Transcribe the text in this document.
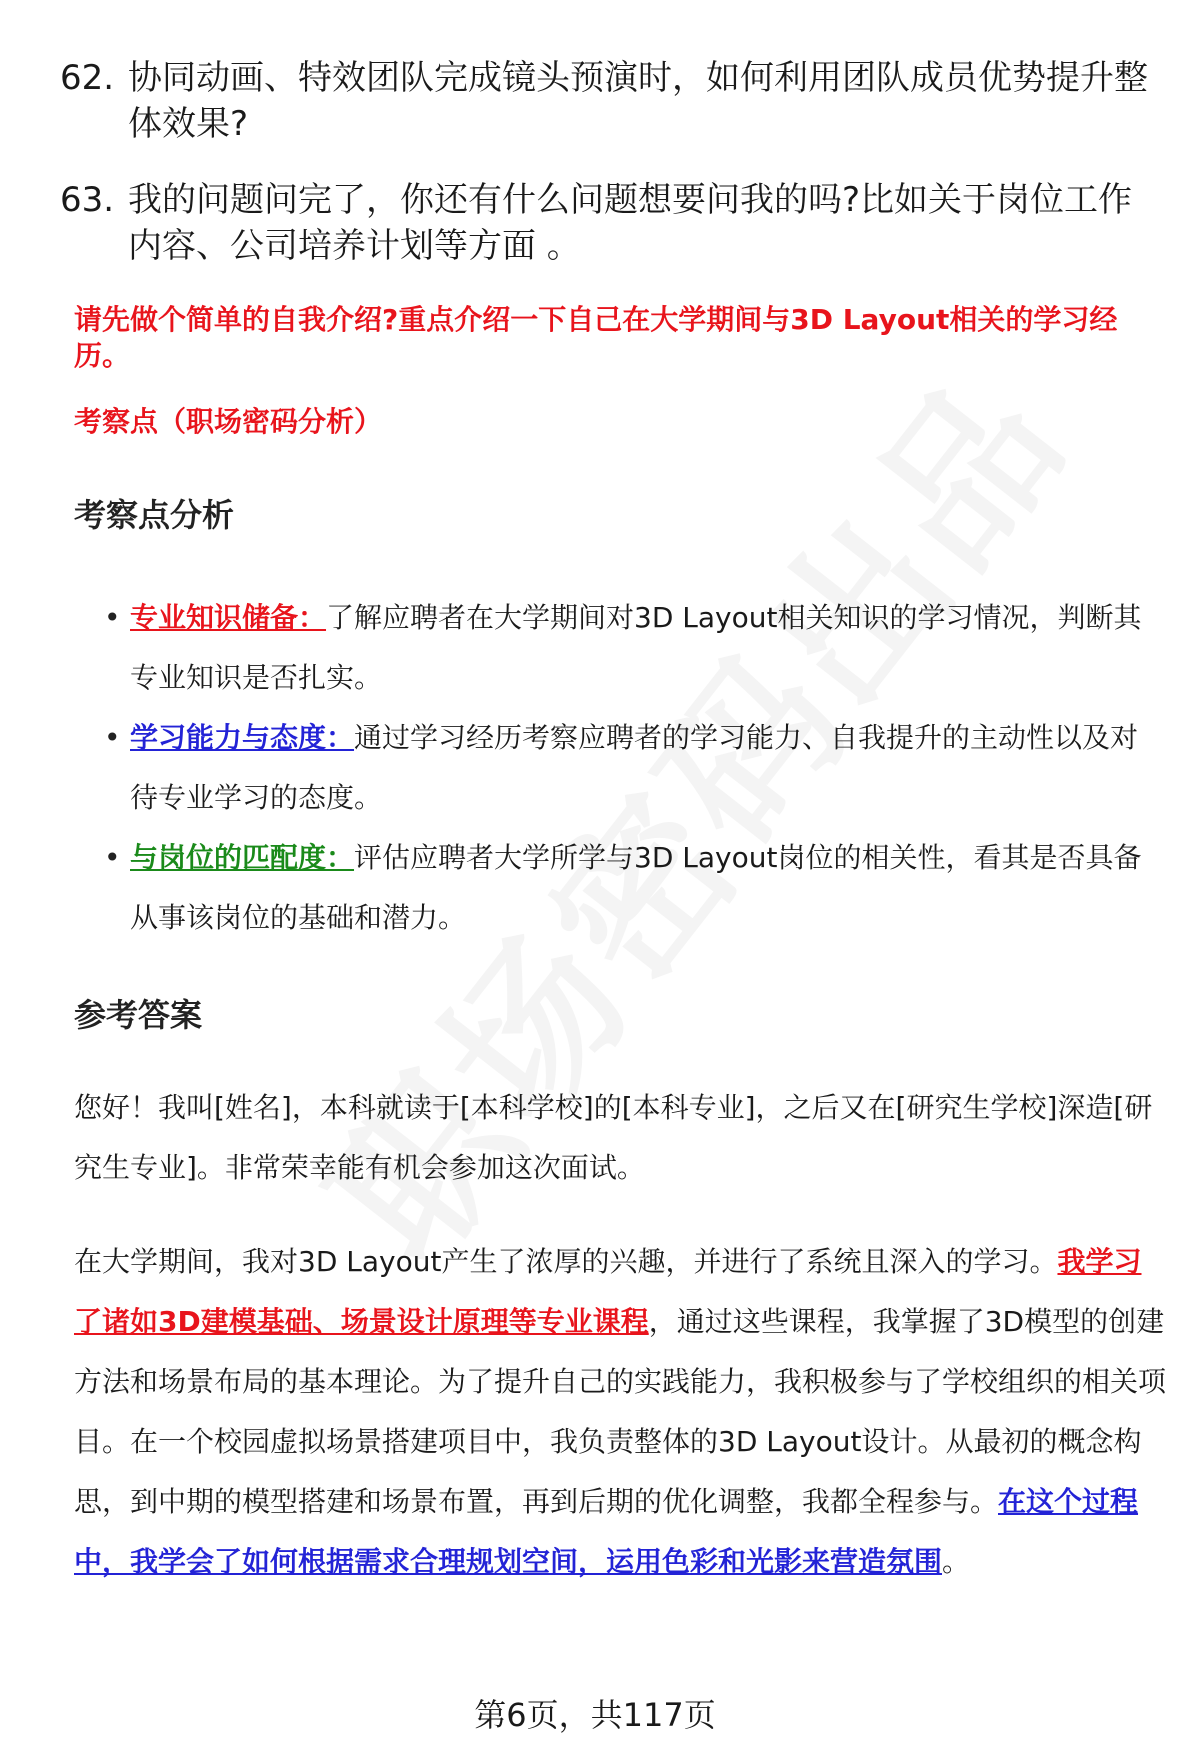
62. 协同动画、特效团队完成镜头预演时，如何利用团队成员优势提升整体效果?
63. 我的问题问完了，你还有什么问题想要问我的吗?比如关于岗位工作内容、公司培养计划等方面 。
请先做个简单的自我介绍?重点介绍一下自己在大学期间与3D Layout相关的学习经历。
考察点（职场密码分析）
考察点分析
• 专业知识储备：了解应聘者在大学期间对3D Layout相关知识的学习情况，判断其专业知识是否扎实。
• 学习能力与态度：通过学习经历考察应聘者的学习能力、自我提升的主动性以及对待专业学习的态度。
• 与岗位的匹配度：评估应聘者大学所学与3D Layout岗位的相关性，看其是否具备从事该岗位的基础和潜力。
参考答案
您好！我叫[姓名]，本科就读于[本科学校]的[本科专业]，之后又在[研究生学校]深造[研究生专业]。非常荣幸能有机会参加这次面试。
在大学期间，我对3D Layout产生了浓厚的兴趣，并进行了系统且深入的学习。我学习了诸如3D建模基础、场景设计原理等专业课程，通过这些课程，我掌握了3D模型的创建方法和场景布局的基本理论。为了提升自己的实践能力，我积极参与了学校组织的相关项目。在一个校园虚拟场景搭建项目中，我负责整体的3D Layout设计。从最初的概念构思，到中期的模型搭建和场景布置，再到后期的优化调整，我都全程参与。在这个过程中，我学会了如何根据需求合理规划空间，运用色彩和光影来营造氛围。
第6页，共117页
